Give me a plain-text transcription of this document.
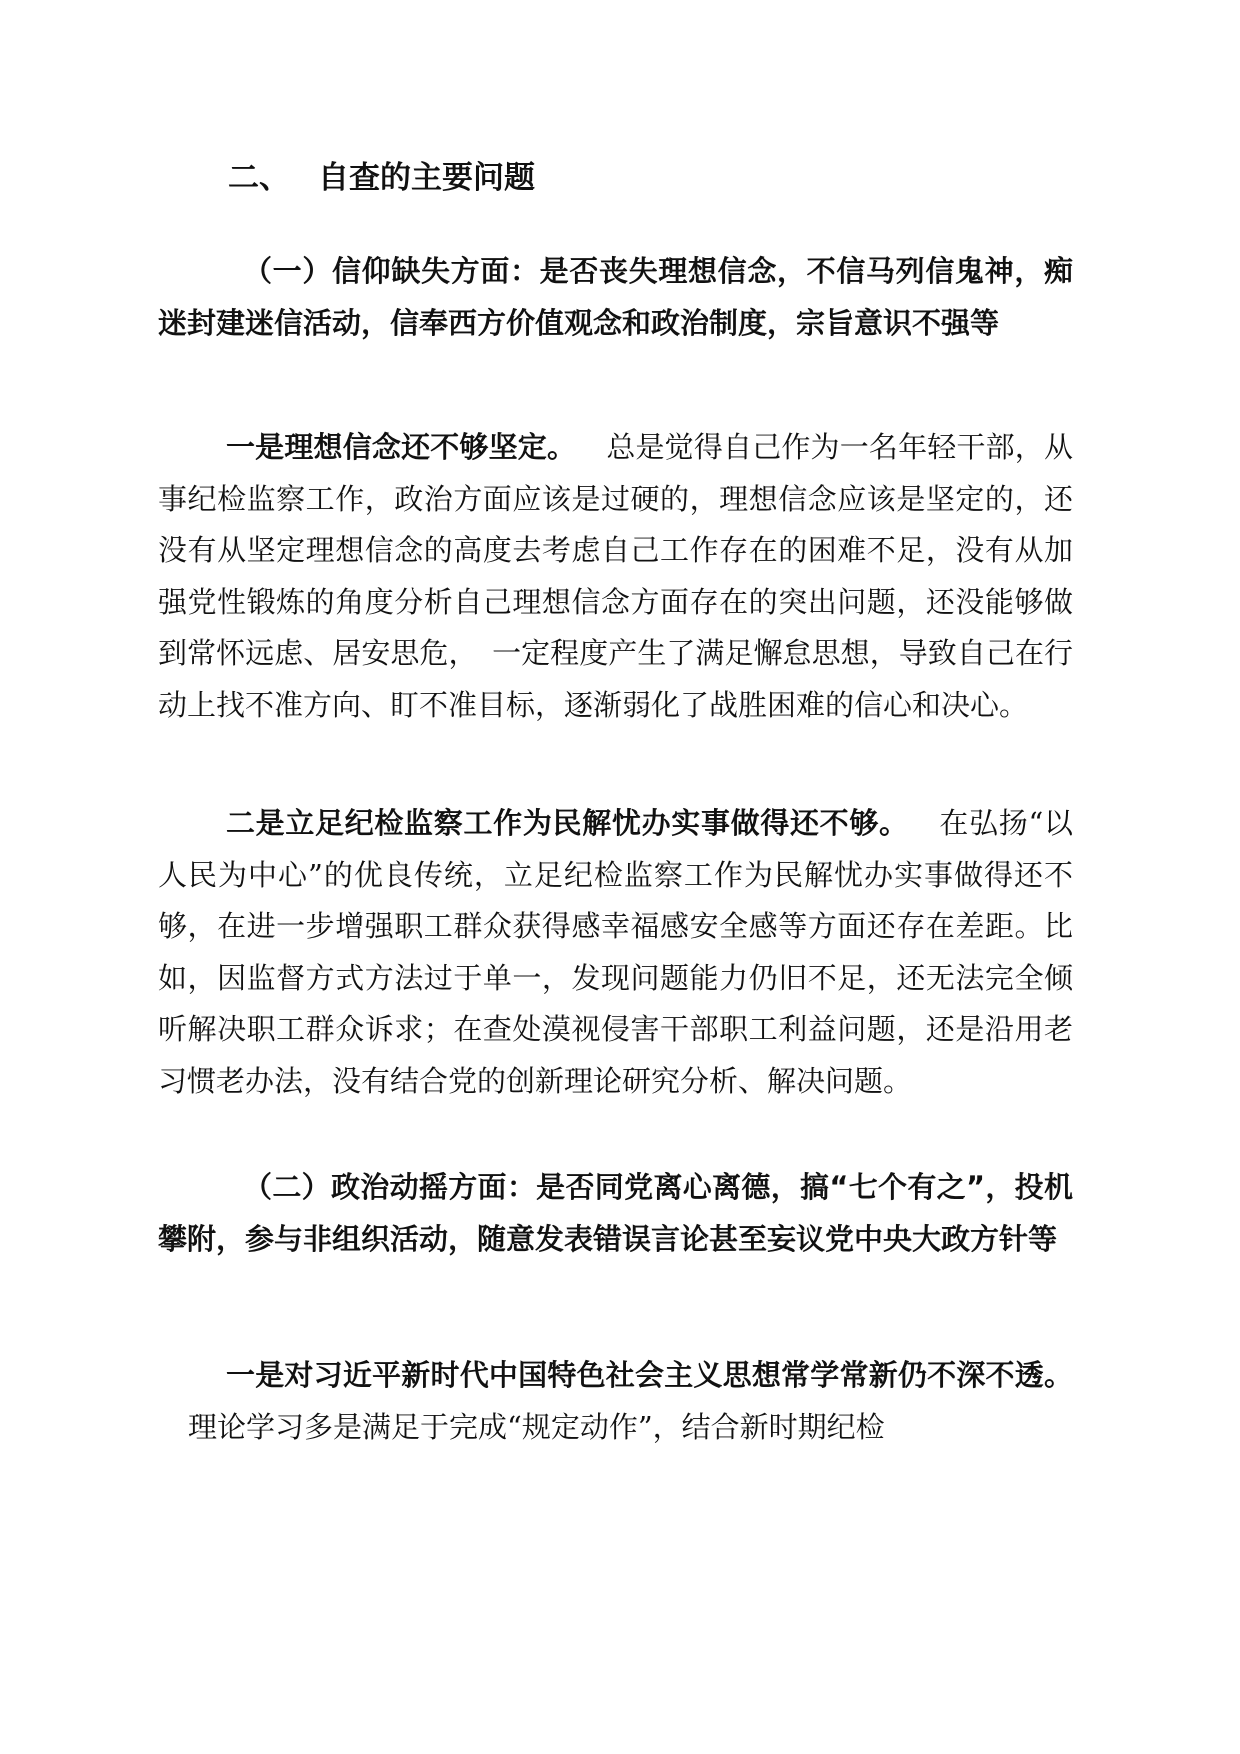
二、 自查的主要问题

（一）信仰缺失方面：是否丧失理想信念，不信马列信鬼神，痴迷封建迷信活动，信奉西方价值观念和政治制度，宗旨意识不强等

一是理想信念还不够坚定。 总是觉得自己作为一名年轻干部，从事纪检监察工作，政治方面应该是过硬的，理想信念应该是坚定的，还没有从坚定理想信念的高度去考虑自己工作存在的困难不足，没有从加强党性锻炼的角度分析自己理想信念方面存在的突出问题，还没能够做到常怀远虑、居安思危，　一定程度产生了满足懈怠思想，导致自己在行动上找不准方向、盯不准目标，逐渐弱化了战胜困难的信心和决心。

二是立足纪检监察工作为民解忧办实事做得还不够。 在弘扬“以人民为中心”的优良传统，立足纪检监察工作为民解忧办实事做得还不够，在进一步增强职工群众获得感幸福感安全感等方面还存在差距。比如，因监督方式方法过于单一，发现问题能力仍旧不足，还无法完全倾听解决职工群众诉求；在查处漠视侵害干部职工利益问题，还是沿用老习惯老办法，没有结合党的创新理论研究分析、解决问题。

（二）政治动摇方面：是否同党离心离德，搞“七个有之”，投机攀附，参与非组织活动，随意发表错误言论甚至妄议党中央大政方针等

一是对习近平新时代中国特色社会主义思想常学常新仍不深不透。理论学习多是满足于完成“规定动作”，结合新时期纪检
